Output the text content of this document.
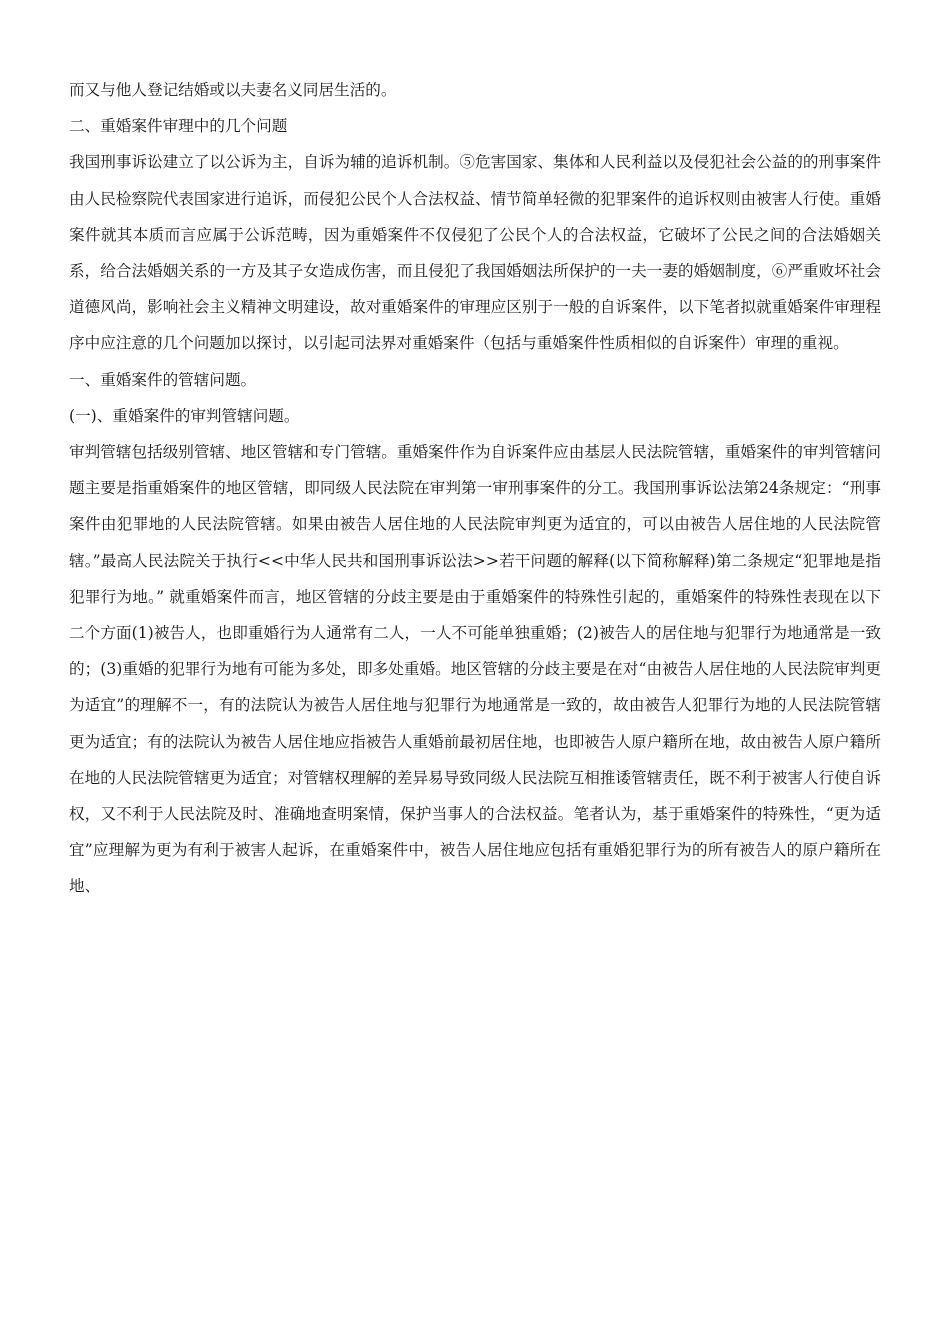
而又与他人登记结婚或以夫妻名义同居生活的。

二、重婚案件审理中的几个问题

我国刑事诉讼建立了以公诉为主，自诉为辅的追诉机制。⑤危害国家、集体和人民利益以及侵犯社会公益的的刑事案件由人民检察院代表国家进行追诉，而侵犯公民个人合法权益、情节简单轻微的犯罪案件的追诉权则由被害人行使。重婚案件就其本质而言应属于公诉范畴，因为重婚案件不仅侵犯了公民个人的合法权益，它破坏了公民之间的合法婚姻关系，给合法婚姻关系的一方及其子女造成伤害，而且侵犯了我国婚姻法所保护的一夫一妻的婚姻制度，⑥严重败坏社会道德风尚，影响社会主义精神文明建设，故对重婚案件的审理应区别于一般的自诉案件，以下笔者拟就重婚案件审理程序中应注意的几个问题加以探讨，以引起司法界对重婚案件（包括与重婚案件性质相似的自诉案件）审理的重视。

一、重婚案件的管辖问题。

(一)、重婚案件的审判管辖问题。

审判管辖包括级别管辖、地区管辖和专门管辖。重婚案件作为自诉案件应由基层人民法院管辖，重婚案件的审判管辖问题主要是指重婚案件的地区管辖，即同级人民法院在审判第一审刑事案件的分工。我国刑事诉讼法第24条规定：“刑事案件由犯罪地的人民法院管辖。如果由被告人居住地的人民法院审判更为适宜的，可以由被告人居住地的人民法院管辖。”最高人民法院关于执行<<中华人民共和国刑事诉讼法>>若干问题的解释(以下简称解释)第二条规定“犯罪地是指犯罪行为地。” 就重婚案件而言，地区管辖的分歧主要是由于重婚案件的特殊性引起的，重婚案件的特殊性表现在以下二个方面(1)被告人，也即重婚行为人通常有二人，一人不可能单独重婚；(2)被告人的居住地与犯罪行为地通常是一致的；(3)重婚的犯罪行为地有可能为多处，即多处重婚。地区管辖的分歧主要是在对“由被告人居住地的人民法院审判更为适宜”的理解不一，有的法院认为被告人居住地与犯罪行为地通常是一致的，故由被告人犯罪行为地的人民法院管辖更为适宜；有的法院认为被告人居住地应指被告人重婚前最初居住地，也即被告人原户籍所在地，故由被告人原户籍所在地的人民法院管辖更为适宜；对管辖权理解的差异易导致同级人民法院互相推诿管辖责任，既不利于被害人行使自诉权，又不利于人民法院及时、准确地查明案情，保护当事人的合法权益。笔者认为，基于重婚案件的特殊性，“更为适宜”应理解为更为有利于被害人起诉，在重婚案件中，被告人居住地应包括有重婚犯罪行为的所有被告人的原户籍所在地、
